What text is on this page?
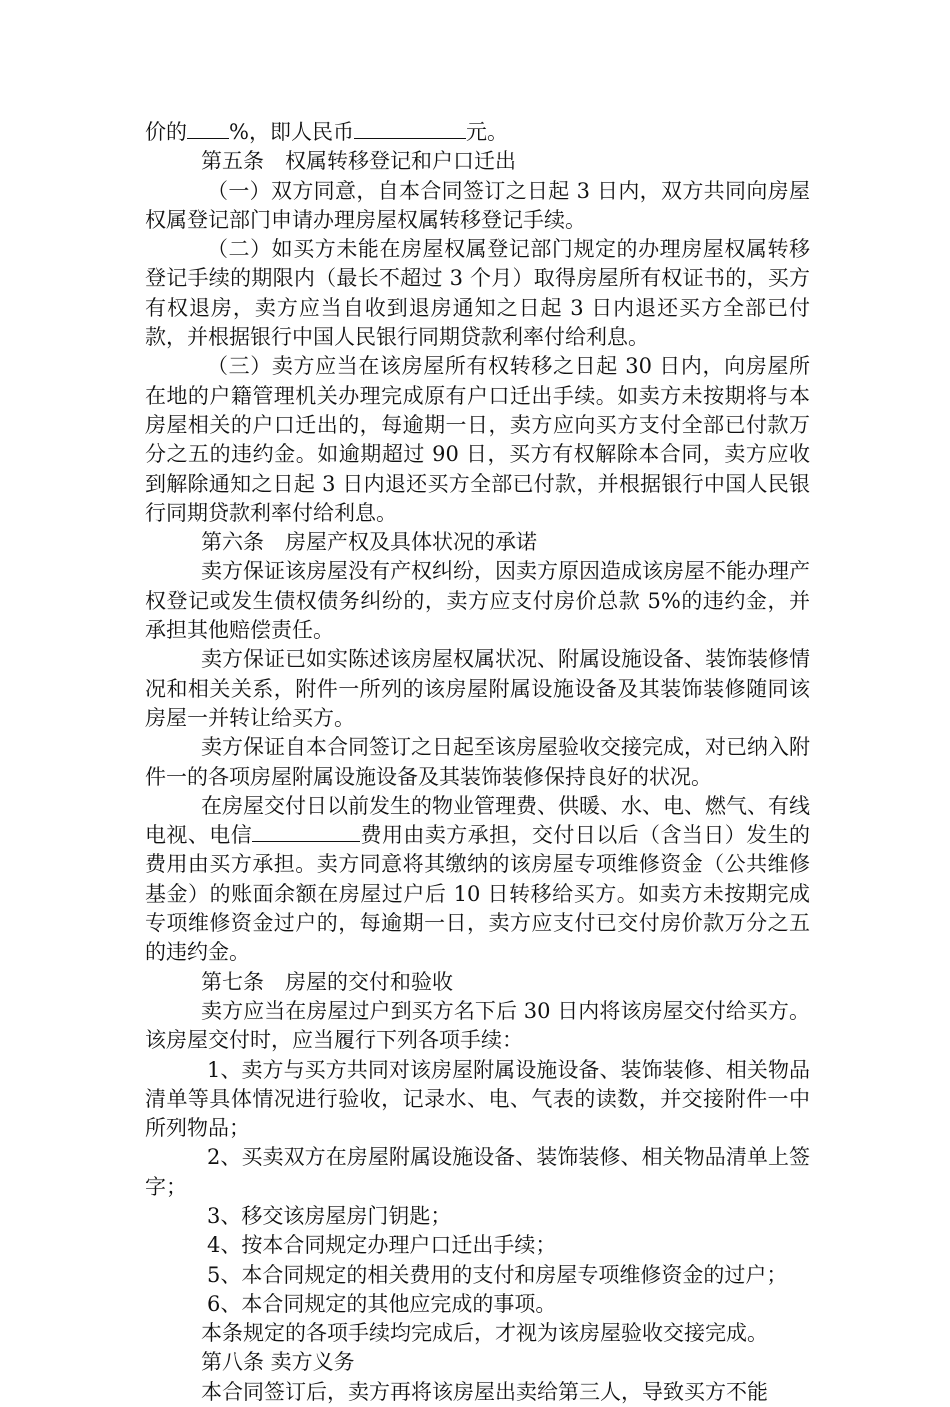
价的 %，即人民币	元。

第五条　权属转移登记和户口迁出

（一）双方同意，自本合同签订之日起 3 日内，双方共同向房屋权属登记部门申请办理房屋权属转移登记手续。

（二）如买方未能在房屋权属登记部门规定的办理房屋权属转移登记手续的期限内（最长不超过 3 个月）取得房屋所有权证书的，买方有权退房，卖方应当自收到退房通知之日起 3 日内退还买方全部已付款，并根据银行中国人民银行同期贷款利率付给利息。

（三）卖方应当在该房屋所有权转移之日起 30 日内，向房屋所在地的户籍管理机关办理完成原有户口迁出手续。如卖方未按期将与本房屋相关的户口迁出的，每逾期一日，卖方应向买方支付全部已付款万分之五的违约金。如逾期超过 90 日，买方有权解除本合同，卖方应收到解除通知之日起 3 日内退还买方全部已付款，并根据银行中国人民银行同期贷款利率付给利息。

第六条　房屋产权及具体状况的承诺

卖方保证该房屋没有产权纠纷，因卖方原因造成该房屋不能办理产权登记或发生债权债务纠纷的，卖方应支付房价总款 5%的违约金，并承担其他赔偿责任。

卖方保证已如实陈述该房屋权属状况、附属设施设备、装饰装修情况和相关关系，附件一所列的该房屋附属设施设备及其装饰装修随同该房屋一并转让给买方。

卖方保证自本合同签订之日起至该房屋验收交接完成，对已纳入附件一的各项房屋附属设施设备及其装饰装修保持良好的状况。

在房屋交付日以前发生的物业管理费、供暖、水、电、燃气、有线电视、电信	费用由卖方承担，交付日以后（含当日）发生的费用由买方承担。卖方同意将其缴纳的该房屋专项维修资金（公共维修基金）的账面余额在房屋过户后 10 日转移给买方。如卖方未按期完成专项维修资金过户的，每逾期一日，卖方应支付已交付房价款万分之五的违约金。

第七条　房屋的交付和验收

卖方应当在房屋过户到买方名下后 30 日内将该房屋交付给买方。该房屋交付时，应当履行下列各项手续：

1、卖方与买方共同对该房屋附属设施设备、装饰装修、相关物品清单等具体情况进行验收，记录水、电、气表的读数，并交接附件一中所列物品；

2、买卖双方在房屋附属设施设备、装饰装修、相关物品清单上签字；

3、移交该房屋房门钥匙；

4、按本合同规定办理户口迁出手续；

5、本合同规定的相关费用的支付和房屋专项维修资金的过户；

6、本合同规定的其他应完成的事项。

本条规定的各项手续均完成后，才视为该房屋验收交接完成。

第八条 卖方义务

本合同签订后，卖方再将该房屋出卖给第三人，导致买方不能
